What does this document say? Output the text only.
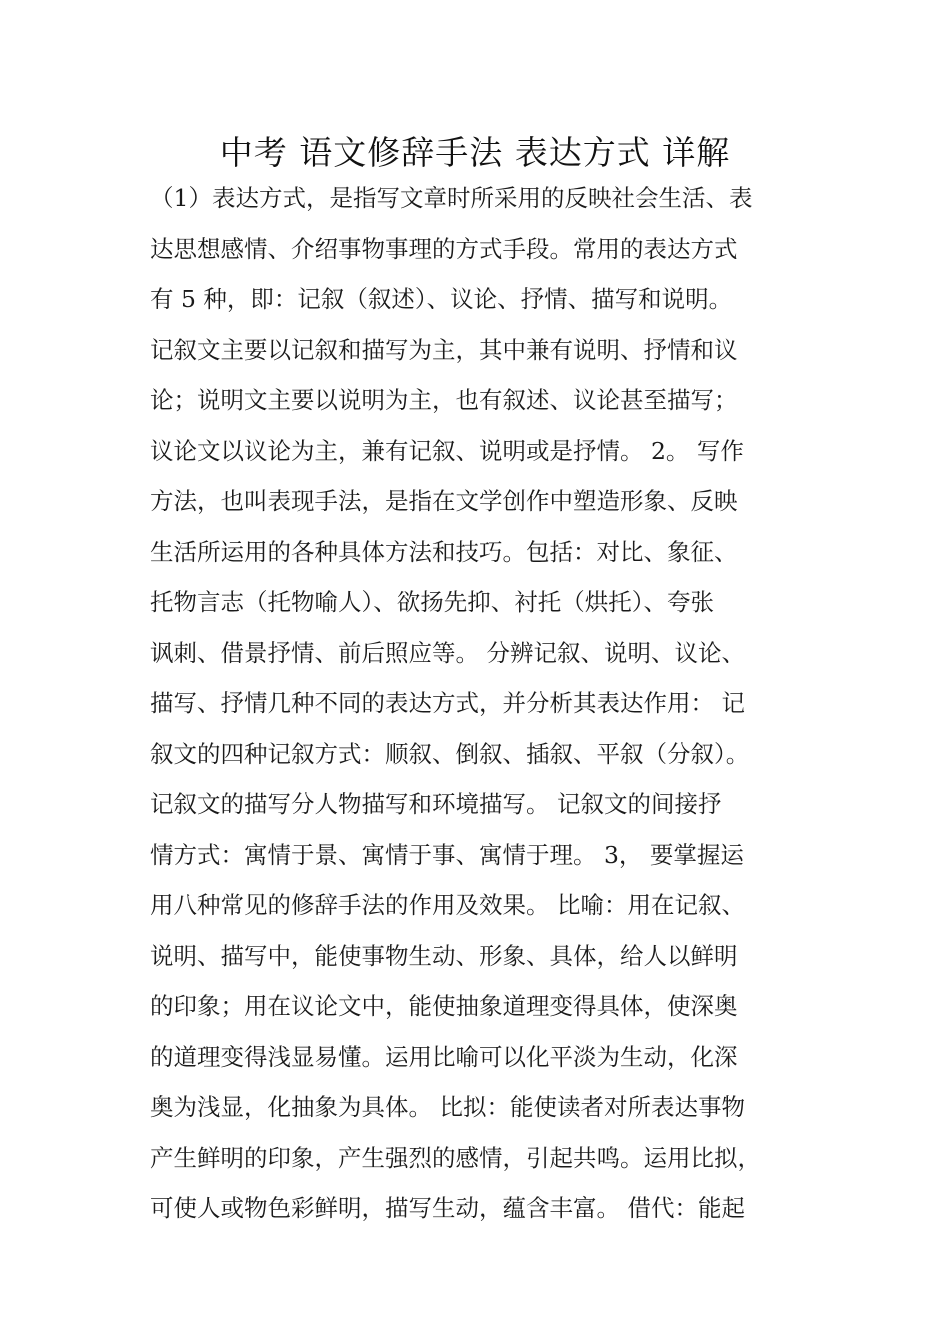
中考 语文修辞手法 表达方式 详解
（1）表达方式，是指写文章时所采用的反映社会生活、表
达思想感情、介绍事物事理的方式手段。常用的表达方式
有 5 种，即：记叙（叙述）、议论、抒情、描写和说明。
记叙文主要以记叙和描写为主，其中兼有说明、抒情和议
论；说明文主要以说明为主，也有叙述、议论甚至描写；
议论文以议论为主，兼有记叙、说明或是抒情。 2。 写作
方法，也叫表现手法，是指在文学创作中塑造形象、反映
生活所运用的各种具体方法和技巧。包括：对比、象征、
托物言志（托物喻人）、欲扬先抑、衬托（烘托）、夸张
讽刺、借景抒情、前后照应等。 分辨记叙、说明、议论、
描写、抒情几种不同的表达方式，并分析其表达作用： 记
叙文的四种记叙方式：顺叙、倒叙、插叙、平叙（分叙）。
记叙文的描写分人物描写和环境描写。 记叙文的间接抒
情方式：寓情于景、寓情于事、寓情于理。 3， 要掌握运
用八种常见的修辞手法的作用及效果。 比喻：用在记叙、
说明、描写中，能使事物生动、形象、具体，给人以鲜明
的印象；用在议论文中，能使抽象道理变得具体，使深奥
的道理变得浅显易懂。运用比喻可以化平淡为生动，化深
奥为浅显，化抽象为具体。 比拟：能使读者对所表达事物
产生鲜明的印象，产生强烈的感情，引起共鸣。运用比拟，
可使人或物色彩鲜明，描写生动，蕴含丰富。 借代：能起
